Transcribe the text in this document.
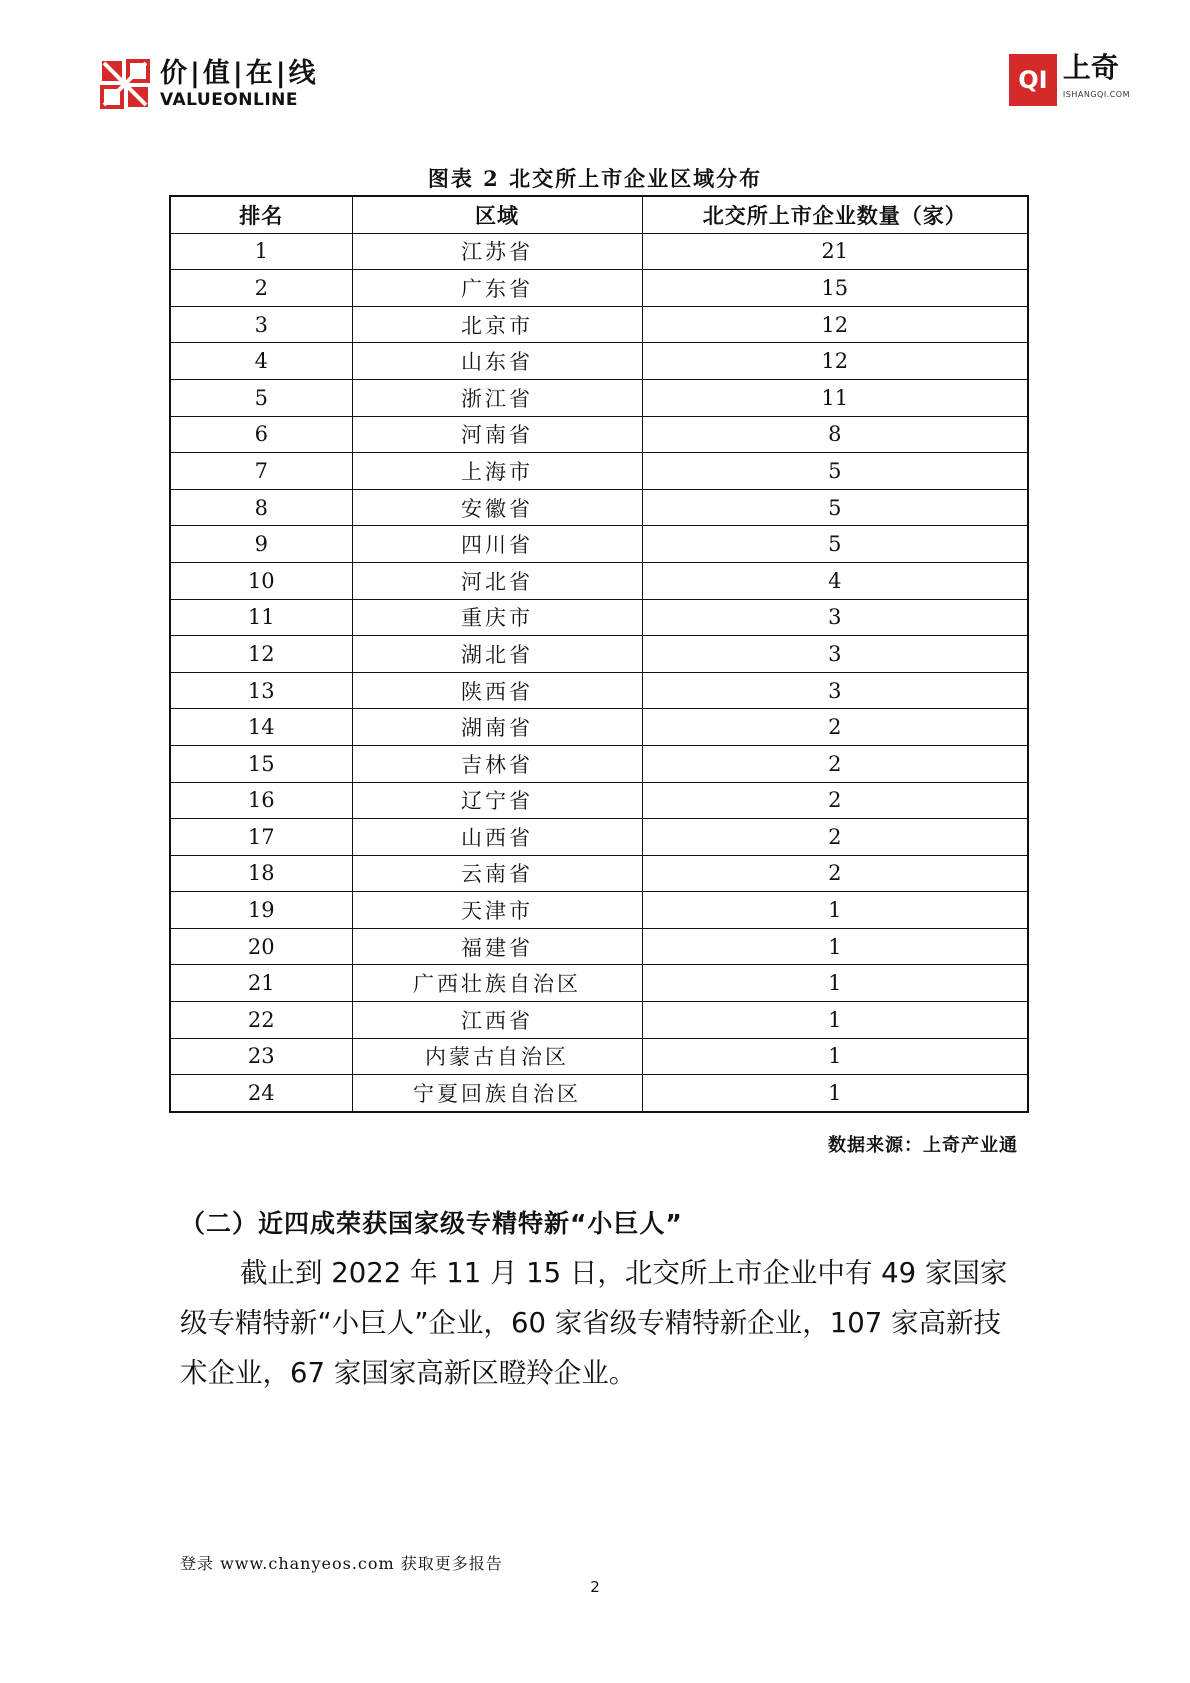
价|值|在|线
VALUEONLINE
QI 上奇
ISHANGQI.COM
图表 2 北交所上市企业区域分布
排名	区域	北交所上市企业数量（家）
1	江苏省	21
2	广东省	15
3	北京市	12
4	山东省	12
5	浙江省	11
6	河南省	8
7	上海市	5
8	安徽省	5
9	四川省	5
10	河北省	4
11	重庆市	3
12	湖北省	3
13	陕西省	3
14	湖南省	2
15	吉林省	2
16	辽宁省	2
17	山西省	2
18	云南省	2
19	天津市	1
20	福建省	1
21	广西壮族自治区	1
22	江西省	1
23	内蒙古自治区	1
24	宁夏回族自治区	1
数据来源：上奇产业通
（二）近四成荣获国家级专精特新“小巨人”
截止到 2022 年 11 月 15 日，北交所上市企业中有 49 家国家级专精特新“小巨人”企业，60 家省级专精特新企业，107 家高新技术企业，67 家国家高新区瞪羚企业。
登录 www.chanyeos.com 获取更多报告
2
